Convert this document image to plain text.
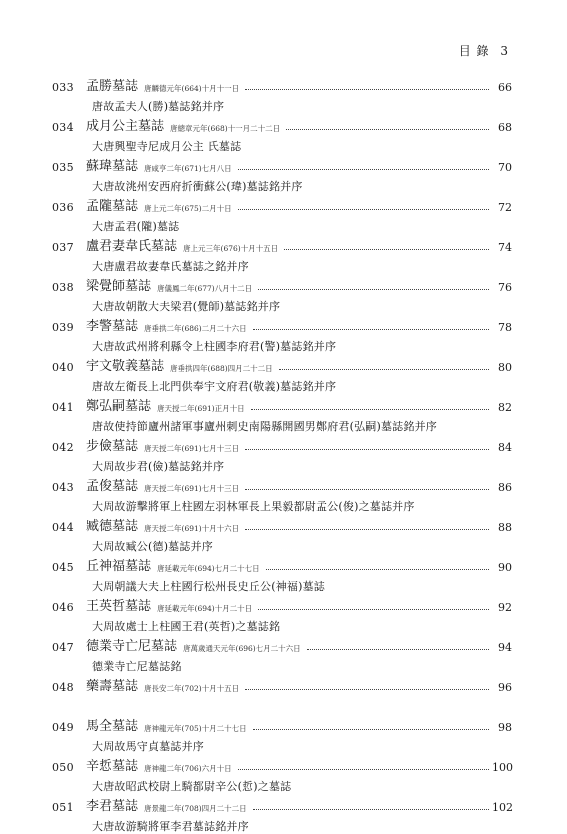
目 錄 3
033 孟勝墓誌 唐麟德元年(664)十月十一日	66
唐故孟夫人(勝)墓誌銘并序
034 成月公主墓誌 唐總章元年(668)十一月二十二日	68
大唐興聖寺尼成月公主 氏墓誌
035 蘇瑋墓誌 唐咸亨二年(671)七月八日	70
大唐故洮州安西府折衝蘇公(瑋)墓誌銘并序
036 孟隴墓誌 唐上元二年(675)二月十日	72
大唐孟君(隴)墓誌
037 盧君妻韋氏墓誌 唐上元三年(676)十月十五日	74
大唐盧君故妻韋氏墓誌之銘并序
038 梁覺師墓誌 唐儀鳳二年(677)八月十二日	76
大唐故朝散大夫梁君(覺師)墓誌銘并序
039 李警墓誌 唐垂拱二年(686)二月二十六日	78
大唐故武州將利縣令上柱國李府君(警)墓誌銘并序
040 宇文敬義墓誌 唐垂拱四年(688)四月二十二日	80
唐故左衛長上北門供奉宇文府君(敬義)墓誌銘并序
041 鄭弘嗣墓誌 唐天授二年(691)正月十日	82
唐故使持節廬州諸軍事廬州刺史南陽縣開國男鄭府君(弘嗣)墓誌銘并序
042 步儉墓誌 唐天授二年(691)七月十三日	84
大周故步君(儉)墓誌銘并序
043 孟俊墓誌 唐天授二年(691)七月十三日	86
大周故游擊將軍上柱國左羽林軍長上果毅都尉孟公(俊)之墓誌并序
044 臧德墓誌 唐天授二年(691)十月十六日	88
大周故臧公(德)墓誌并序
045 丘神福墓誌 唐延載元年(694)七月二十七日	90
大周朝議大夫上柱國行松州長史丘公(神福)墓誌
046 王英哲墓誌 唐延載元年(694)十月二十日	92
大周故處士上柱國王君(英哲)之墓誌銘
047 德業寺亡尼墓誌 唐萬歲通天元年(696)七月二十六日	94
德業寺亡尼墓誌銘
048 藥壽墓誌 唐長安二年(702)十月十五日	96
049 馬全墓誌 唐神龍元年(705)十月二十七日	98
大周故馬守貞墓誌并序
050 辛悊墓誌 唐神龍二年(706)六月十日	100
大唐故昭武校尉上騎都尉辛公(悊)之墓誌
051 李君墓誌 唐景龍二年(708)四月二十二日	102
大唐故游騎將軍李君墓誌銘并序
